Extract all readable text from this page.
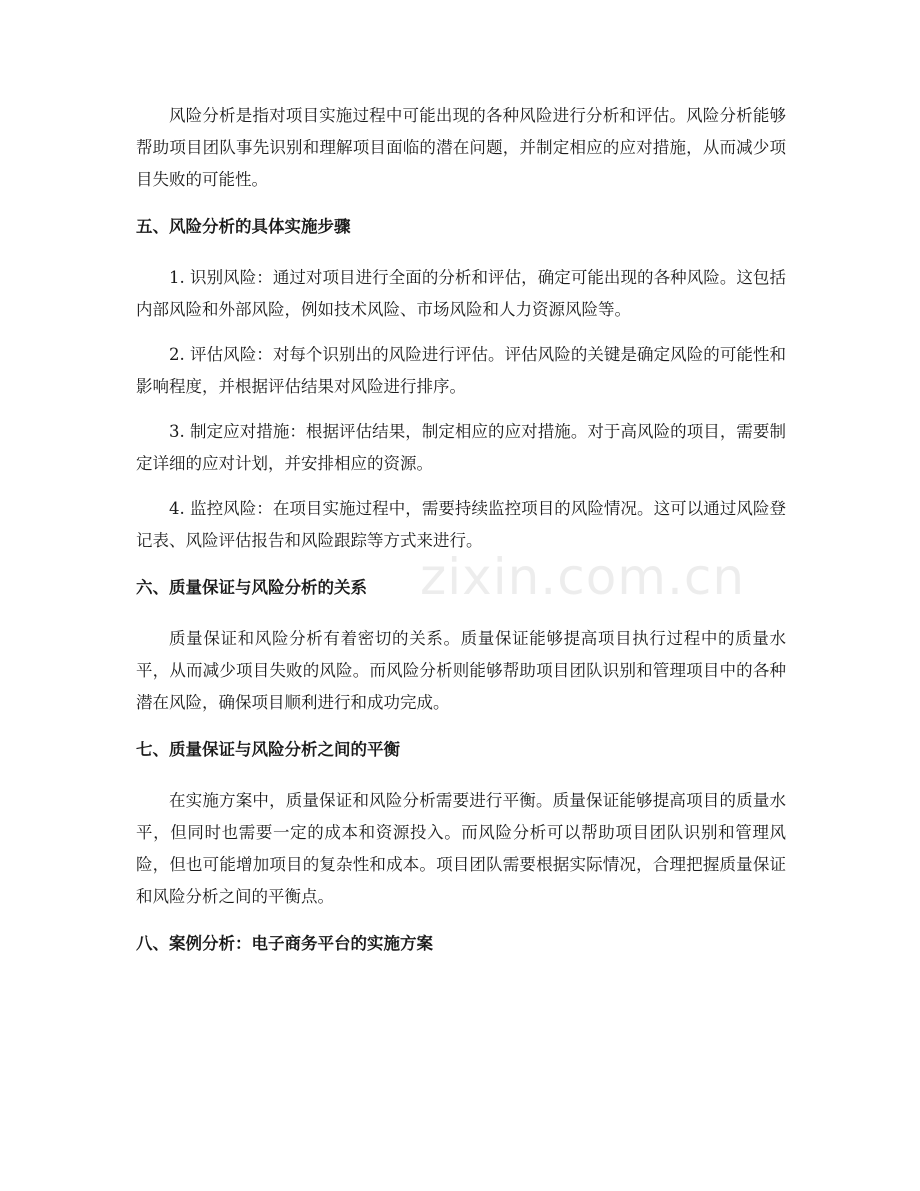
风险分析是指对项目实施过程中可能出现的各种风险进行分析和评估。风险分析能够帮助项目团队事先识别和理解项目面临的潜在问题，并制定相应的应对措施，从而减少项目失败的可能性。

五、风险分析的具体实施步骤

1. 识别风险：通过对项目进行全面的分析和评估，确定可能出现的各种风险。这包括内部风险和外部风险，例如技术风险、市场风险和人力资源风险等。

2. 评估风险：对每个识别出的风险进行评估。评估风险的关键是确定风险的可能性和影响程度，并根据评估结果对风险进行排序。

3. 制定应对措施：根据评估结果，制定相应的应对措施。对于高风险的项目，需要制定详细的应对计划，并安排相应的资源。

4. 监控风险：在项目实施过程中，需要持续监控项目的风险情况。这可以通过风险登记表、风险评估报告和风险跟踪等方式来进行。

六、质量保证与风险分析的关系

质量保证和风险分析有着密切的关系。质量保证能够提高项目执行过程中的质量水平，从而减少项目失败的风险。而风险分析则能够帮助项目团队识别和管理项目中的各种潜在风险，确保项目顺利进行和成功完成。

七、质量保证与风险分析之间的平衡

在实施方案中，质量保证和风险分析需要进行平衡。质量保证能够提高项目的质量水平，但同时也需要一定的成本和资源投入。而风险分析可以帮助项目团队识别和管理风险，但也可能增加项目的复杂性和成本。项目团队需要根据实际情况，合理把握质量保证和风险分析之间的平衡点。

八、案例分析：电子商务平台的实施方案
zixin.com.cn
